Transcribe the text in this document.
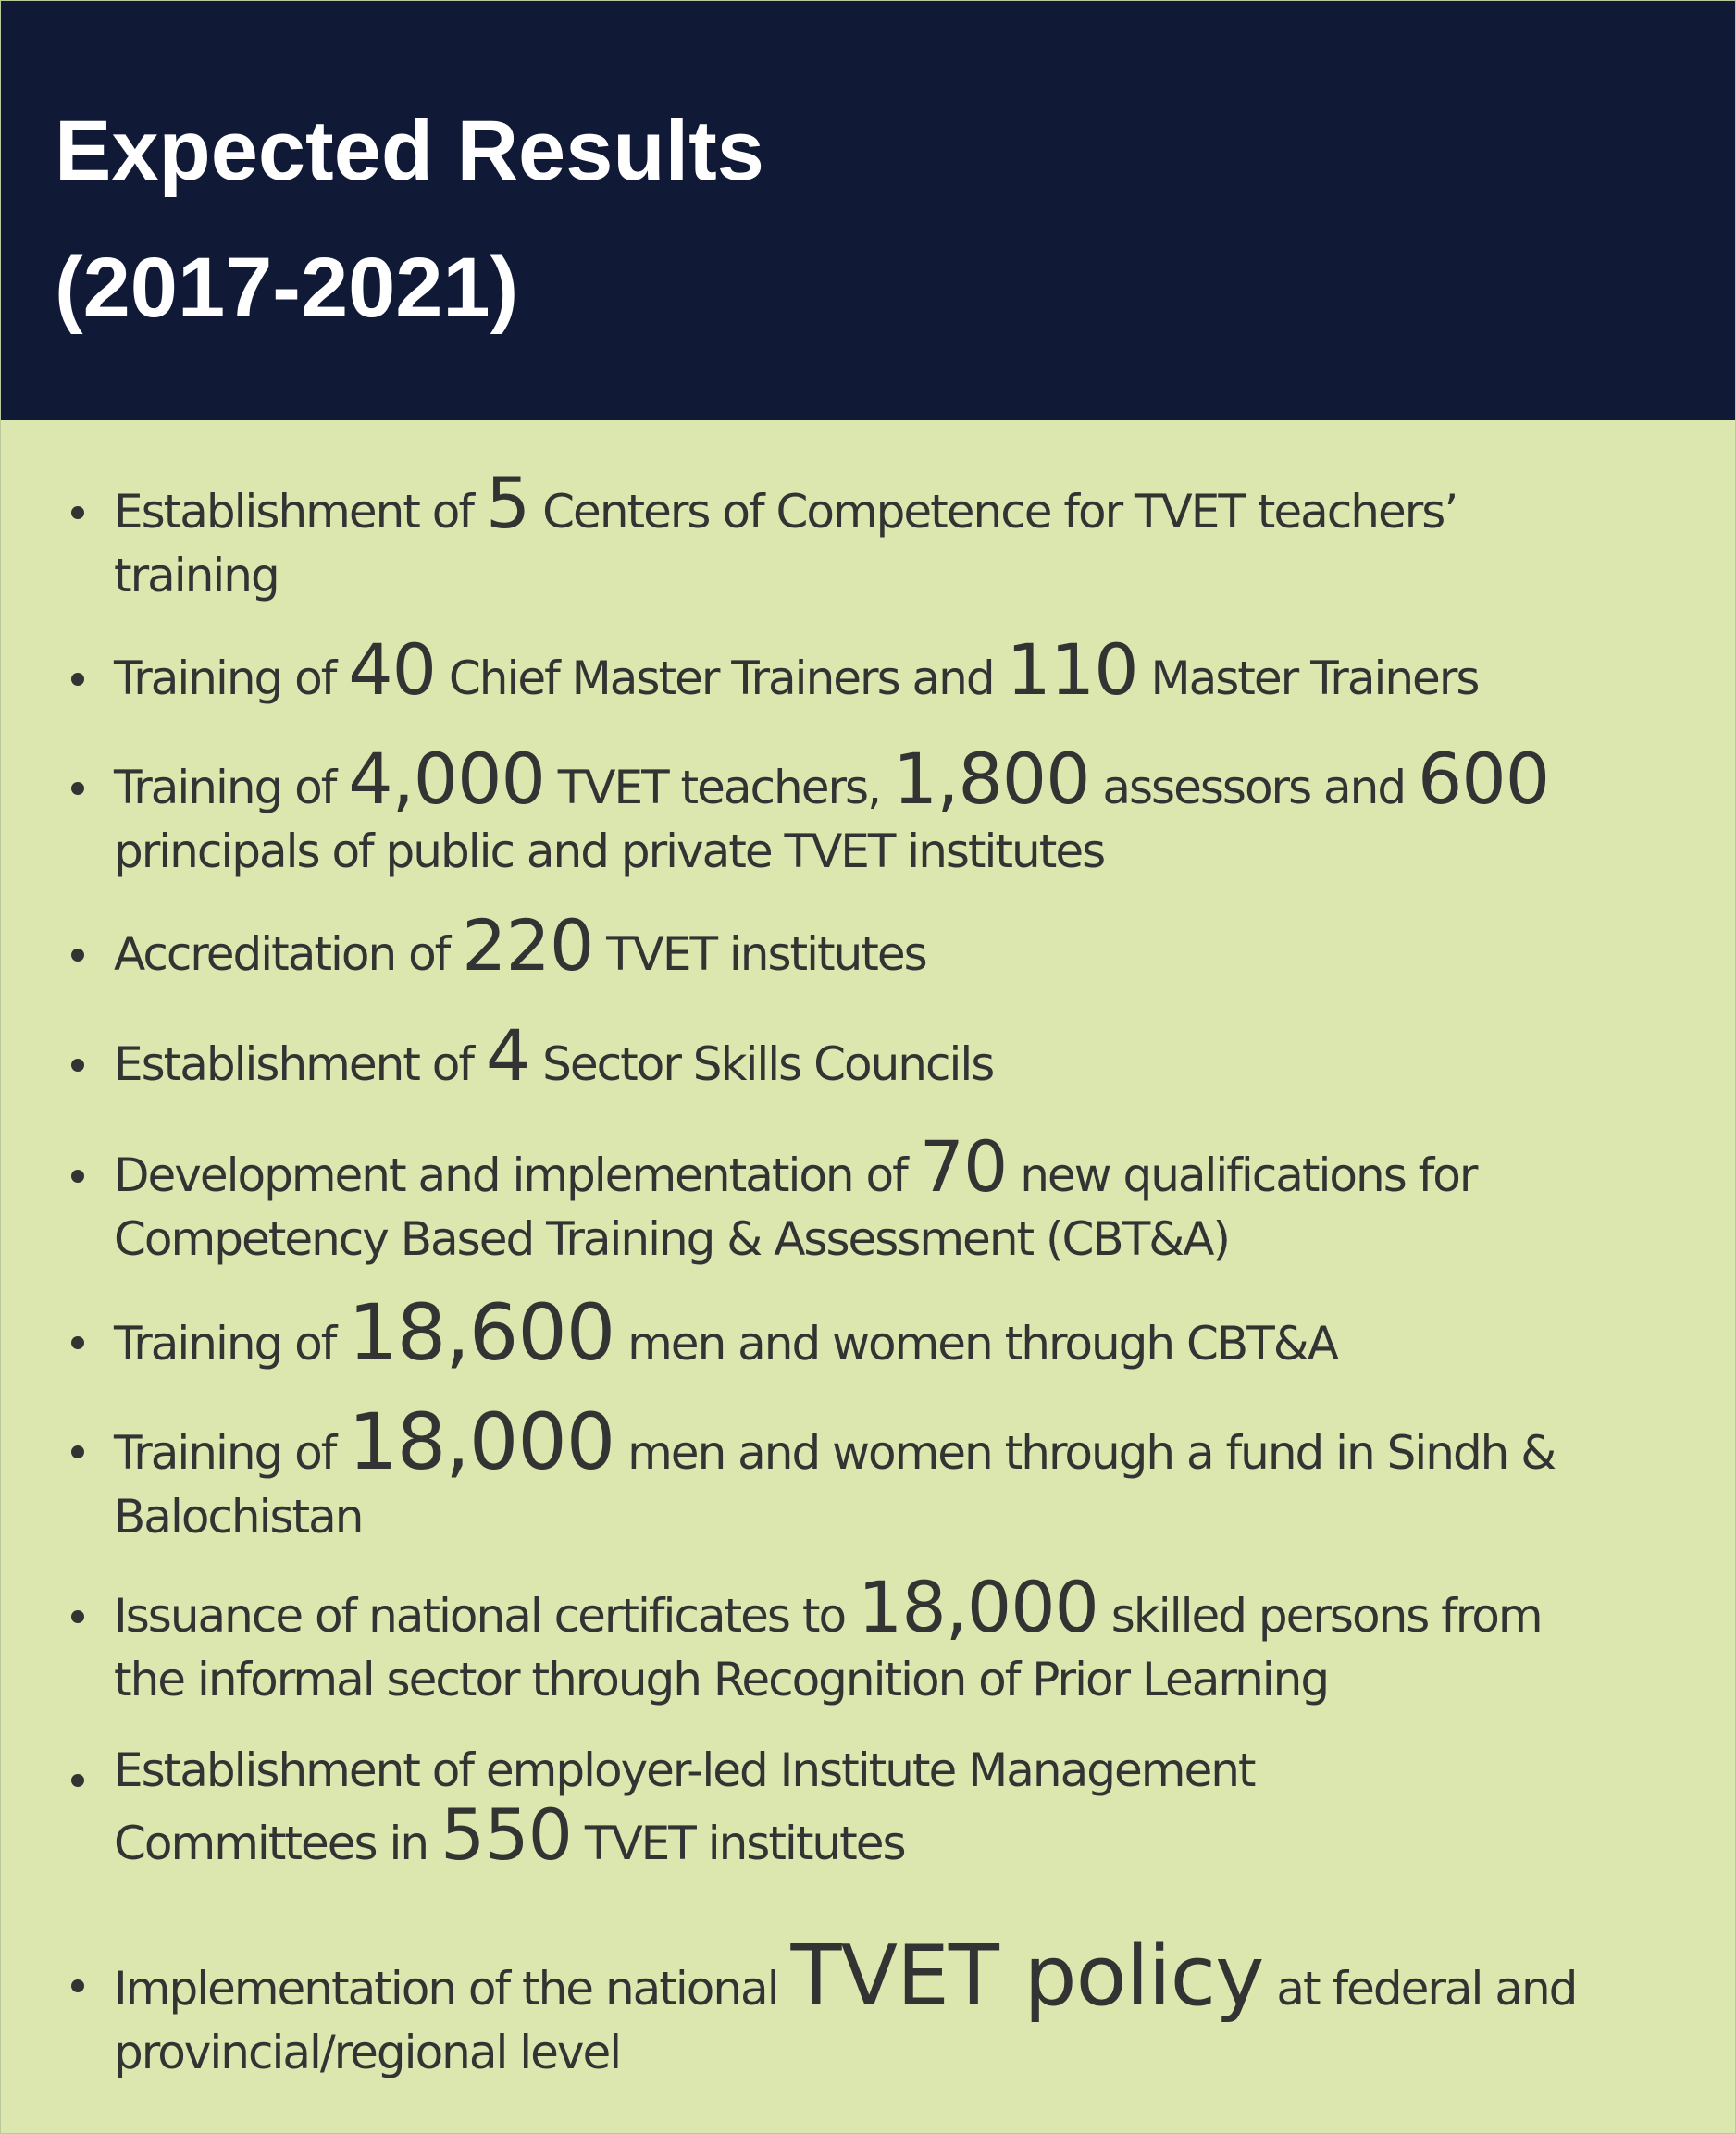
Expected Results
(2017-2021)
Establishment of 5 Centers of Competence for TVET teachers’
training
Training of 40 Chief Master Trainers and 110 Master Trainers
Training of 4,000 TVET teachers, 1,800 assessors and 600
principals of public and private TVET institutes
Accreditation of 220 TVET institutes
Establishment of 4 Sector Skills Councils
Development and implementation of 70 new qualifications for
Competency Based Training & Assessment (CBT&A)
Training of 18,600 men and women through CBT&A
Training of 18,000 men and women through a fund in Sindh &
Balochistan
Issuance of national certificates to 18,000 skilled persons from
the informal sector through Recognition of Prior Learning
Establishment of employer-led Institute Management
Committees in 550 TVET institutes
Implementation of the national TVET policy at federal and
provincial/regional level
